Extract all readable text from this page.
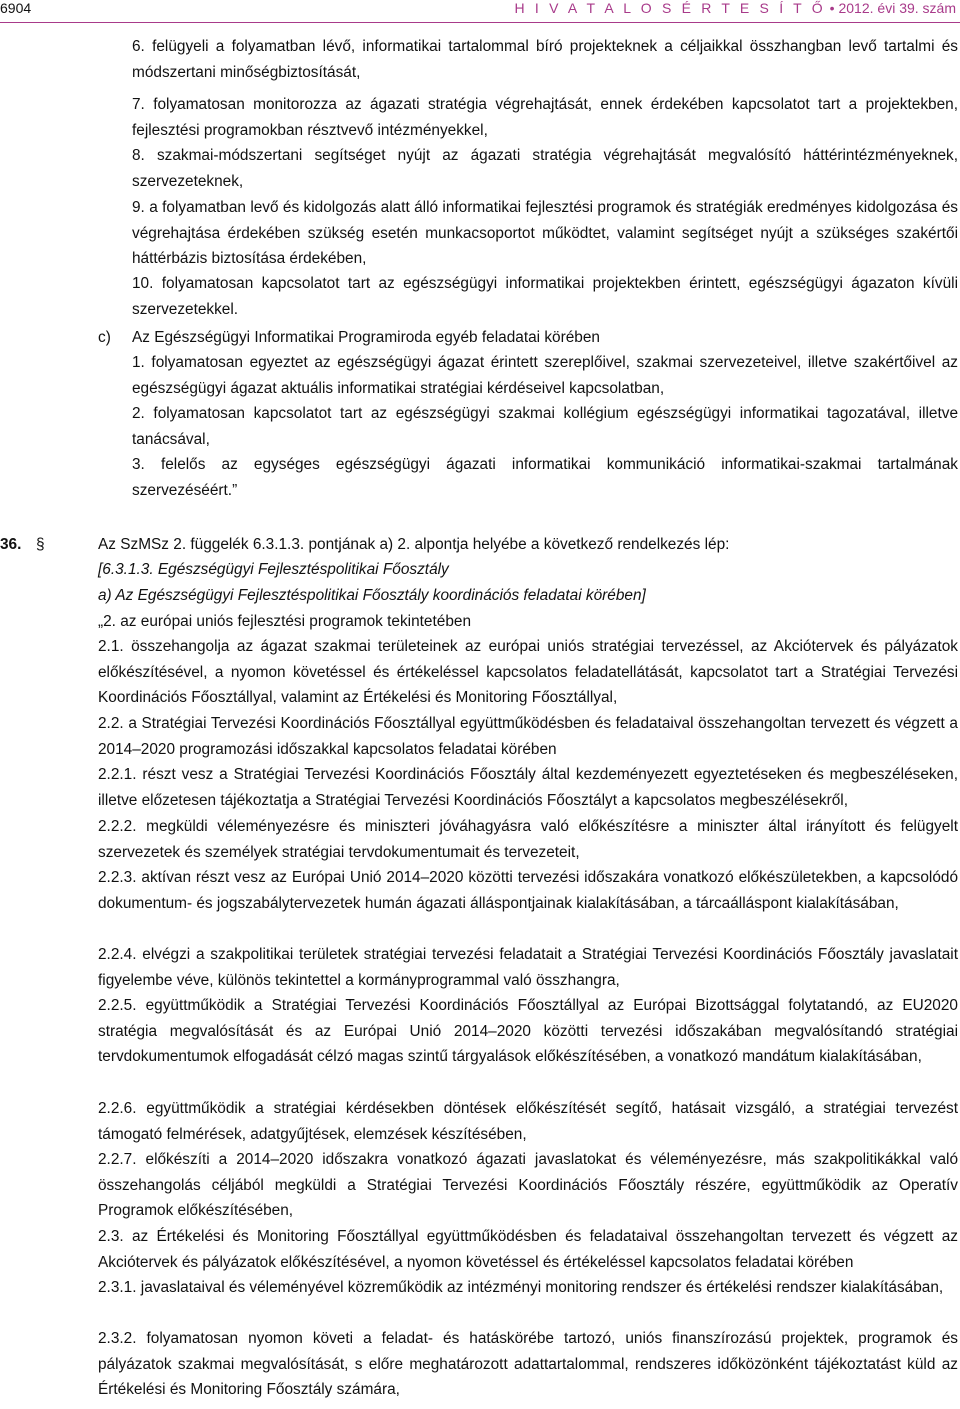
6904	H I V A T A L O S É R T E S Í T Ő • 2012. évi 39. szám
6. felügyeli a folyamatban lévő, informatikai tartalommal bíró projekteknek a céljaikkal összhangban levő tartalmi és módszertani minőségbiztosítását,
7. folyamatosan monitorozza az ágazati stratégia végrehajtását, ennek érdekében kapcsolatot tart a projektekben, fejlesztési programokban résztvevő intézményekkel,
8. szakmai-módszertani segítséget nyújt az ágazati stratégia végrehajtását megvalósító háttérintézményeknek, szervezeteknek,
9. a folyamatban levő és kidolgozás alatt álló informatikai fejlesztési programok és stratégiák eredményes kidolgozása és végrehajtása érdekében szükség esetén munkacsoportot működtet, valamint segítséget nyújt a szükséges szakértői háttérbázis biztosítása érdekében,
10. folyamatosan kapcsolatot tart az egészségügyi informatikai projektekben érintett, egészségügyi ágazaton kívüli szervezetekkel.
c) Az Egészségügyi Informatikai Programiroda egyéb feladatai körében
1. folyamatosan egyeztet az egészségügyi ágazat érintett szereplőivel, szakmai szervezeteivel, illetve szakértőivel az egészségügyi ágazat aktuális informatikai stratégiai kérdéseivel kapcsolatban,
2. folyamatosan kapcsolatot tart az egészségügyi szakmai kollégium egészségügyi informatikai tagozatával, illetve tanácsával,
3. felelős az egységes egészségügyi ágazati informatikai kommunikáció informatikai-szakmai tartalmának szervezéséért.”
36. §	Az SzMSz 2. függelék 6.3.1.3. pontjának a) 2. alpontja helyébe a következő rendelkezés lép:
[6.3.1.3. Egészségügyi Fejlesztéspolitikai Főosztály
a) Az Egészségügyi Fejlesztéspolitikai Főosztály koordinációs feladatai körében]
„2. az európai uniós fejlesztési programok tekintetében
2.1. összehangolja az ágazat szakmai területeinek az európai uniós stratégiai tervezéssel, az Akciótervek és pályázatok előkészítésével, a nyomon követéssel és értékeléssel kapcsolatos feladatellátását, kapcsolatot tart a Stratégiai Tervezési Koordinációs Főosztállyal, valamint az Értékelési és Monitoring Főosztállyal,
2.2. a Stratégiai Tervezési Koordinációs Főosztállyal együttműködésben és feladataival összehangoltan tervezett és végzett a 2014–2020 programozási időszakkal kapcsolatos feladatai körében
2.2.1. részt vesz a Stratégiai Tervezési Koordinációs Főosztály által kezdeményezett egyeztetéseken és megbeszéléseken, illetve előzetesen tájékoztatja a Stratégiai Tervezési Koordinációs Főosztályt a kapcsolatos megbeszélésekről,
2.2.2. megküldi véleményezésre és miniszteri jóváhagyásra való előkészítésre a miniszter által irányított és felügyelt szervezetek és személyek stratégiai tervdokumentumait és tervezeteit,
2.2.3. aktívan részt vesz az Európai Unió 2014–2020 közötti tervezési időszakára vonatkozó előkészületekben, a kapcsolódó dokumentum- és jogszabálytervezetek humán ágazati álláspontjainak kialakításában, a tárcaálláspont kialakításában,
2.2.4. elvégzi a szakpolitikai területek stratégiai tervezési feladatait a Stratégiai Tervezési Koordinációs Főosztály javaslatait figyelembe véve, különös tekintettel a kormányprogrammal való összhangra,
2.2.5. együttműködik a Stratégiai Tervezési Koordinációs Főosztállyal az Európai Bizottsággal folytatandó, az EU2020 stratégia megvalósítását és az Európai Unió 2014–2020 közötti tervezési időszakában megvalósítandó stratégiai tervdokumentumok elfogadását célzó magas szintű tárgyalások előkészítésében, a vonatkozó mandátum kialakításában,
2.2.6. együttműködik a stratégiai kérdésekben döntések előkészítését segítő, hatásait vizsgáló, a stratégiai tervezést támogató felmérések, adatgyűjtések, elemzések készítésében,
2.2.7. előkészíti a 2014–2020 időszakra vonatkozó ágazati javaslatokat és véleményezésre, más szakpolitikákkal való összehangolás céljából megküldi a Stratégiai Tervezési Koordinációs Főosztály részére, együttműködik az Operatív Programok előkészítésében,
2.3. az Értékelési és Monitoring Főosztállyal együttműködésben és feladataival összehangoltan tervezett és végzett az Akciótervek és pályázatok előkészítésével, a nyomon követéssel és értékeléssel kapcsolatos feladatai körében
2.3.1. javaslataival és véleményével közreműködik az intézményi monitoring rendszer és értékelési rendszer kialakításában,
2.3.2. folyamatosan nyomon követi a feladat- és hatáskörébe tartozó, uniós finanszírozású projektek, programok és pályázatok szakmai megvalósítását, s előre meghatározott adattartalommal, rendszeres időközönként tájékoztatást küld az Értékelési és Monitoring Főosztály számára,
